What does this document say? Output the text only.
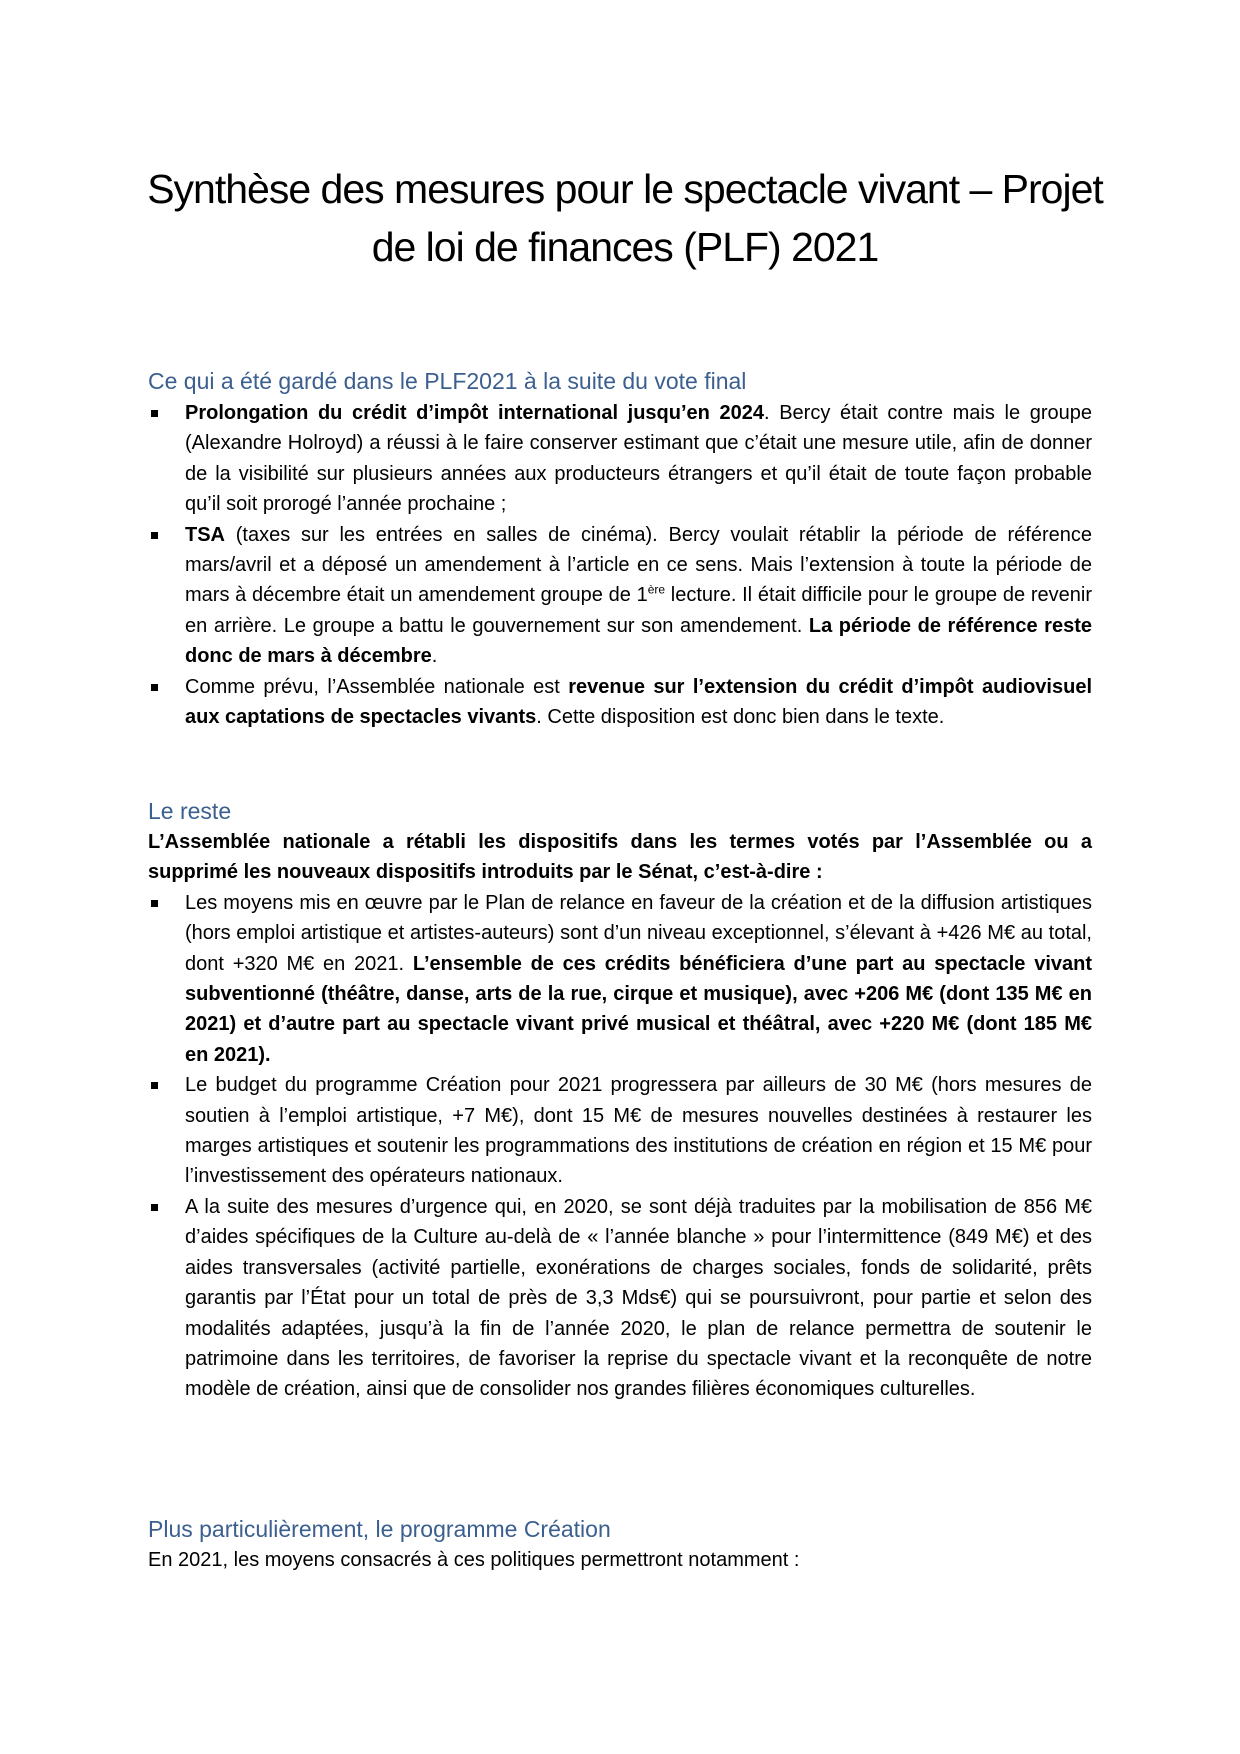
Synthèse des mesures pour le spectacle vivant – Projet
de loi de finances (PLF) 2021
Ce qui a été gardé dans le PLF2021 à la suite du vote final
Prolongation du crédit d’impôt international jusqu’en 2024. Bercy était contre mais le groupe (Alexandre Holroyd) a réussi à le faire conserver estimant que c’était une mesure utile, afin de donner de la visibilité sur plusieurs années aux producteurs étrangers et qu’il était de toute façon probable qu’il soit prorogé l’année prochaine ;
TSA (taxes sur les entrées en salles de cinéma). Bercy voulait rétablir la période de référence mars/avril et a déposé un amendement à l’article en ce sens. Mais l’extension à toute la période de mars à décembre était un amendement groupe de 1ère lecture. Il était difficile pour le groupe de revenir en arrière. Le groupe a battu le gouvernement sur son amendement. La période de référence reste donc de mars à décembre.
Comme prévu, l’Assemblée nationale est revenue sur l’extension du crédit d’impôt audiovisuel aux captations de spectacles vivants. Cette disposition est donc bien dans le texte.
Le reste
L’Assemblée nationale a rétabli les dispositifs dans les termes votés par l’Assemblée ou a supprimé les nouveaux dispositifs introduits par le Sénat, c’est-à-dire :
Les moyens mis en œuvre par le Plan de relance en faveur de la création et de la diffusion artistiques (hors emploi artistique et artistes-auteurs) sont d’un niveau exceptionnel, s’élevant à +426 M€ au total, dont +320 M€ en 2021. L’ensemble de ces crédits bénéficiera d’une part au spectacle vivant subventionné (théâtre, danse, arts de la rue, cirque et musique), avec +206 M€ (dont 135 M€ en 2021) et d’autre part au spectacle vivant privé musical et théâtral, avec +220 M€ (dont 185 M€ en 2021).
Le budget du programme Création pour 2021 progressera par ailleurs de 30 M€ (hors mesures de soutien à l’emploi artistique, +7 M€), dont 15 M€ de mesures nouvelles destinées à restaurer les marges artistiques et soutenir les programmations des institutions de création en région et 15 M€ pour l’investissement des opérateurs nationaux.
A la suite des mesures d’urgence qui, en 2020, se sont déjà traduites par la mobilisation de 856 M€ d’aides spécifiques de la Culture au-delà de « l’année blanche » pour l’intermittence (849 M€) et des aides transversales (activité partielle, exonérations de charges sociales, fonds de solidarité, prêts garantis par l’État pour un total de près de 3,3 Mds€) qui se poursuivront, pour partie et selon des modalités adaptées, jusqu’à la fin de l’année 2020, le plan de relance permettra de soutenir le patrimoine dans les territoires, de favoriser la reprise du spectacle vivant et la reconquête de notre modèle de création, ainsi que de consolider nos grandes filières économiques culturelles.
Plus particulièrement, le programme Création
En 2021, les moyens consacrés à ces politiques permettront notamment :
